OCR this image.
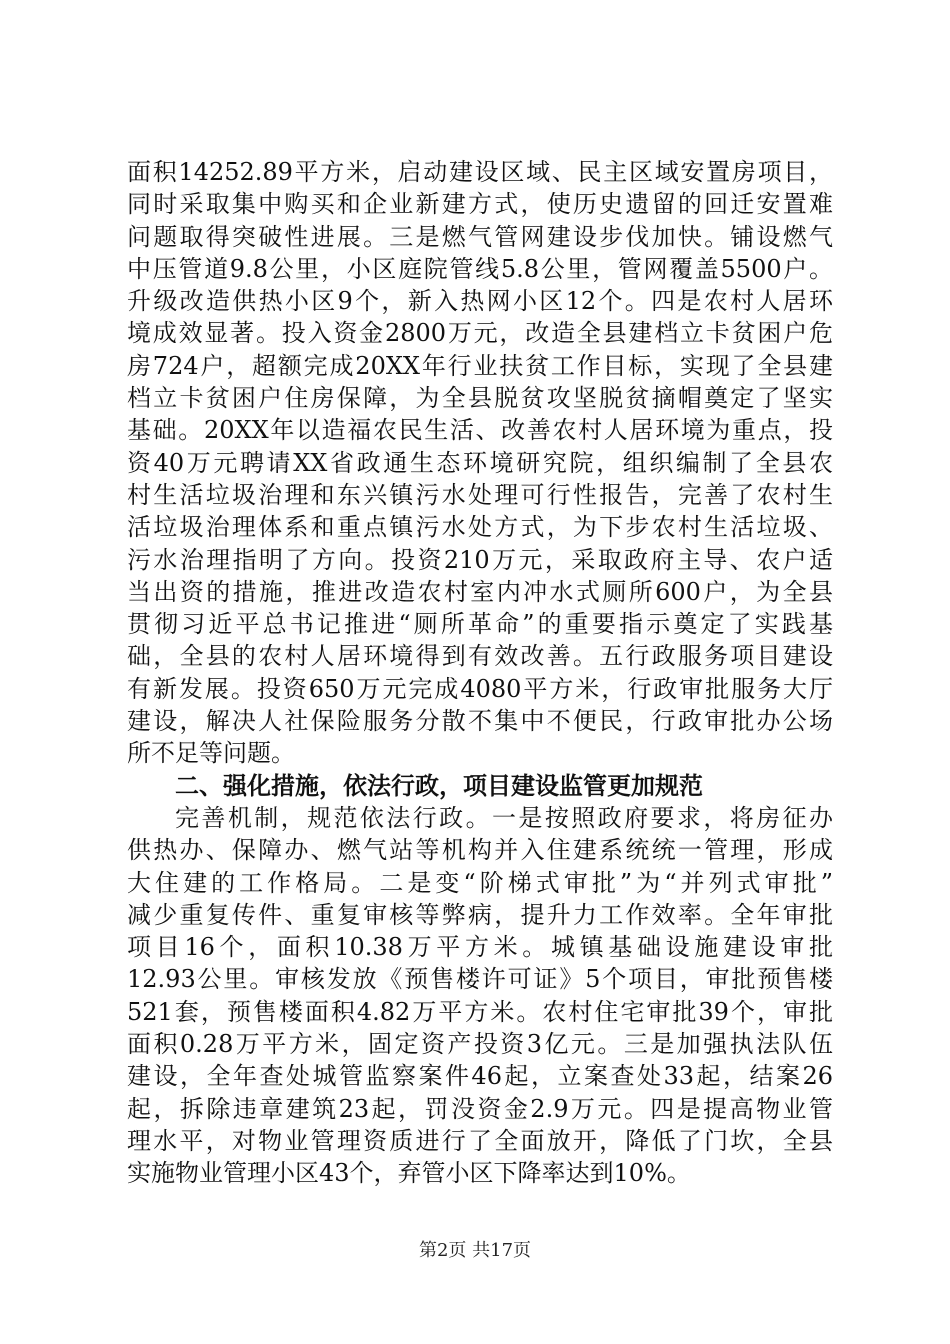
面积14252.89平方米，启动建设区域、民主区域安置房项目，
同时采取集中购买和企业新建方式，使历史遗留的回迁安置难
问题取得突破性进展。三是燃气管网建设步伐加快。铺设燃气
中压管道9.8公里，小区庭院管线5.8公里，管网覆盖5500户。
升级改造供热小区9个，新入热网小区12个。四是农村人居环
境成效显著。投入资金2800万元，改造全县建档立卡贫困户危
房724户，超额完成20XX年行业扶贫工作目标，实现了全县建
档立卡贫困户住房保障，为全县脱贫攻坚脱贫摘帽奠定了坚实
基础。20XX年以造福农民生活、改善农村人居环境为重点，投
资40万元聘请XX省政通生态环境研究院，组织编制了全县农
村生活垃圾治理和东兴镇污水处理可行性报告，完善了农村生
活垃圾治理体系和重点镇污水处方式，为下步农村生活垃圾、
污水治理指明了方向。投资210万元，采取政府主导、农户适
当出资的措施，推进改造农村室内冲水式厕所600户，为全县
贯彻习近平总书记推进“厕所革命”的重要指示奠定了实践基
础，全县的农村人居环境得到有效改善。五行政服务项目建设
有新发展。投资650万元完成4080平方米，行政审批服务大厅
建设，解决人社保险服务分散不集中不便民，行政审批办公场
所不足等问题。
二、强化措施，依法行政，项目建设监管更加规范
完善机制，规范依法行政。一是按照政府要求，将房征办
供热办、保障办、燃气站等机构并入住建系统统一管理，形成
大住建的工作格局。二是变“阶梯式审批”为“并列式审批”
减少重复传件、重复审核等弊病，提升力工作效率。全年审批
项目16个，面积10.38万平方米。城镇基础设施建设审批
12.93公里。审核发放《预售楼许可证》5个项目，审批预售楼
521套，预售楼面积4.82万平方米。农村住宅审批39个，审批
面积0.28万平方米，固定资产投资3亿元。三是加强执法队伍
建设，全年查处城管监察案件46起，立案查处33起，结案26
起，拆除违章建筑23起，罚没资金2.9万元。四是提高物业管
理水平，对物业管理资质进行了全面放开，降低了门坎，全县
实施物业管理小区43个，弃管小区下降率达到10%。
第2页 共17页
